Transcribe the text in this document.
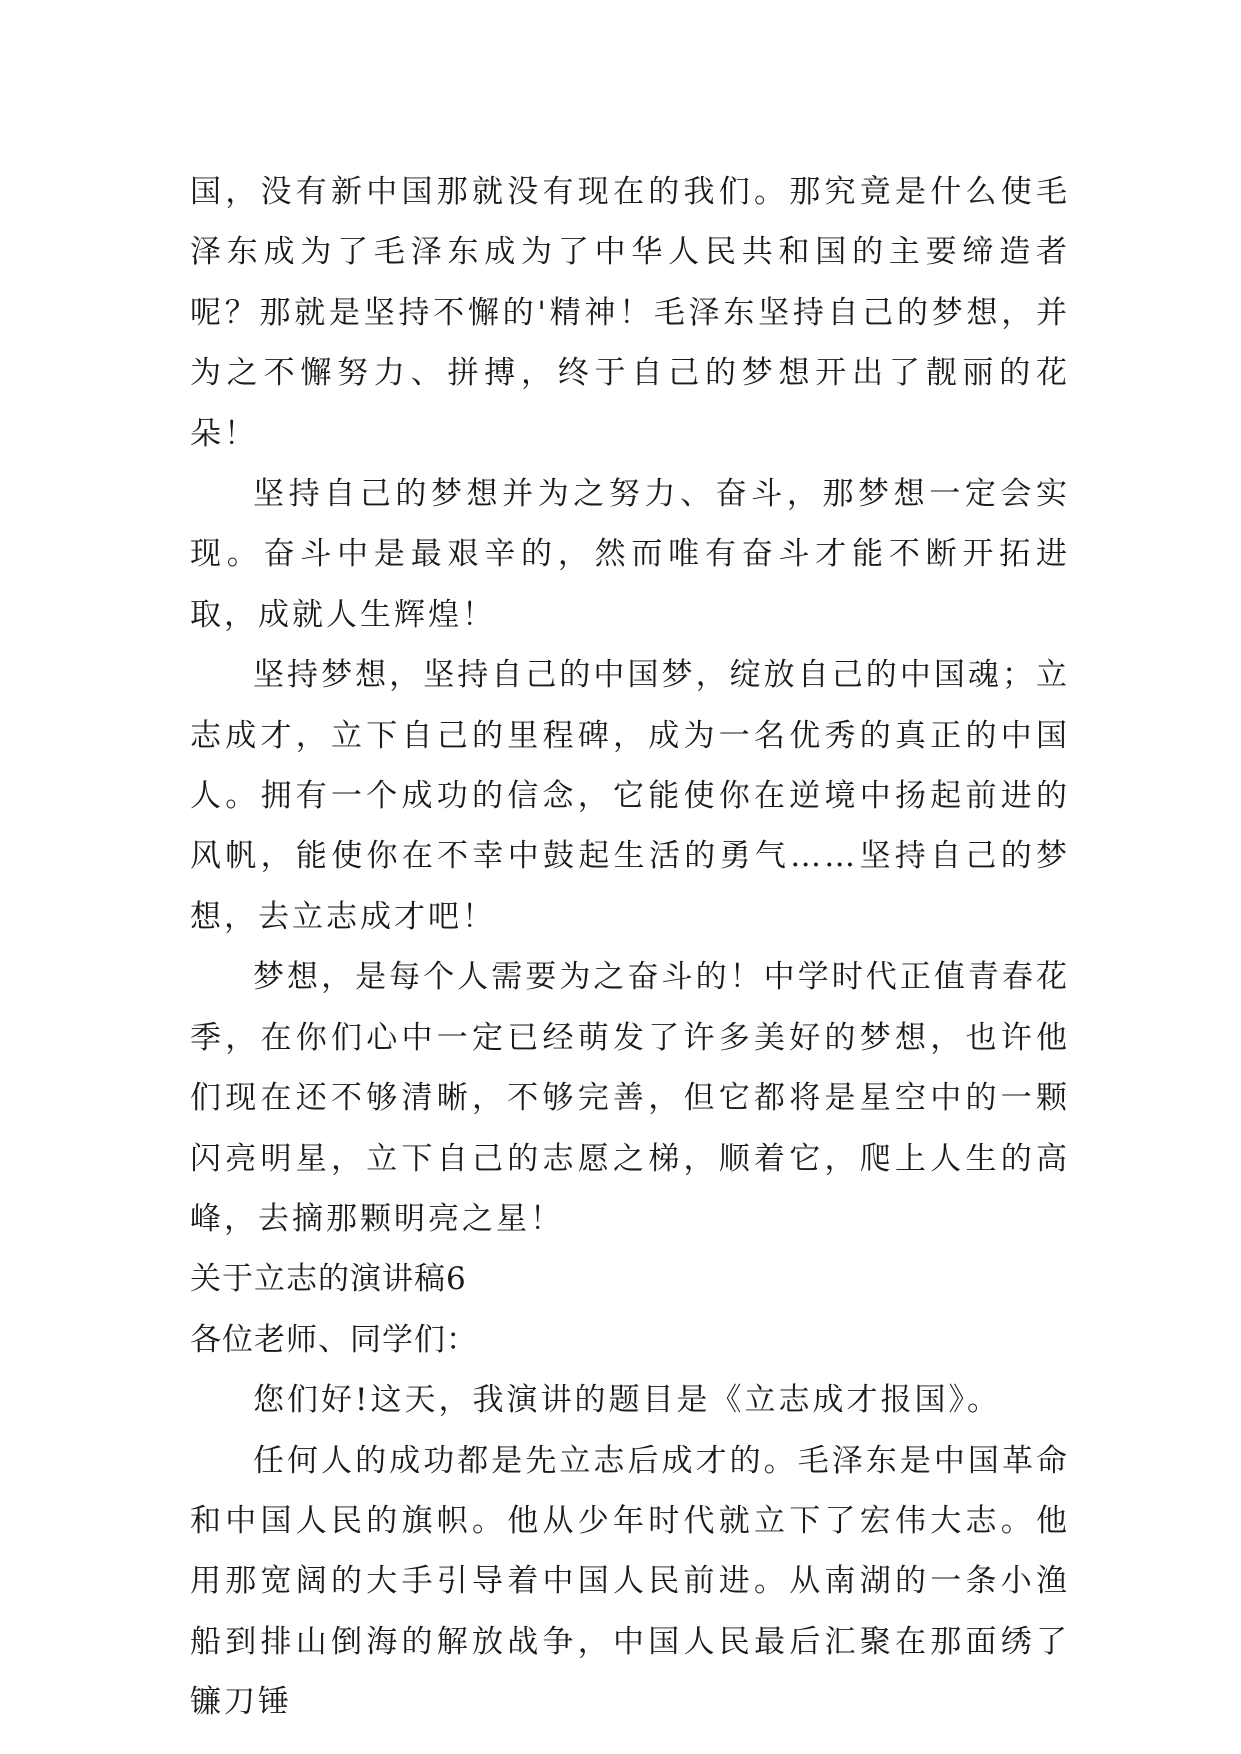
国，没有新中国那就没有现在的我们。那究竟是什么使毛泽东成为了毛泽东成为了中华人民共和国的主要缔造者呢？那就是坚持不懈的'精神！毛泽东坚持自己的梦想，并为之不懈努力、拼搏，终于自己的梦想开出了靓丽的花朵！

坚持自己的梦想并为之努力、奋斗，那梦想一定会实现。奋斗中是最艰辛的，然而唯有奋斗才能不断开拓进取，成就人生辉煌！

坚持梦想，坚持自己的中国梦，绽放自己的中国魂；立志成才，立下自己的里程碑，成为一名优秀的真正的中国人。拥有一个成功的信念，它能使你在逆境中扬起前进的风帆，能使你在不幸中鼓起生活的勇气……坚持自己的梦想，去立志成才吧！

梦想，是每个人需要为之奋斗的！中学时代正值青春花季，在你们心中一定已经萌发了许多美好的梦想，也许他们现在还不够清晰，不够完善，但它都将是星空中的一颗闪亮明星，立下自己的志愿之梯，顺着它，爬上人生的高峰，去摘那颗明亮之星！

关于立志的演讲稿6

各位老师、同学们：

您们好!这天，我演讲的题目是《立志成才报国》。

任何人的成功都是先立志后成才的。毛泽东是中国革命和中国人民的旗帜。他从少年时代就立下了宏伟大志。他用那宽阔的大手引导着中国人民前进。从南湖的一条小渔船到排山倒海的解放战争，中国人民最后汇聚在那面绣了镰刀锤
